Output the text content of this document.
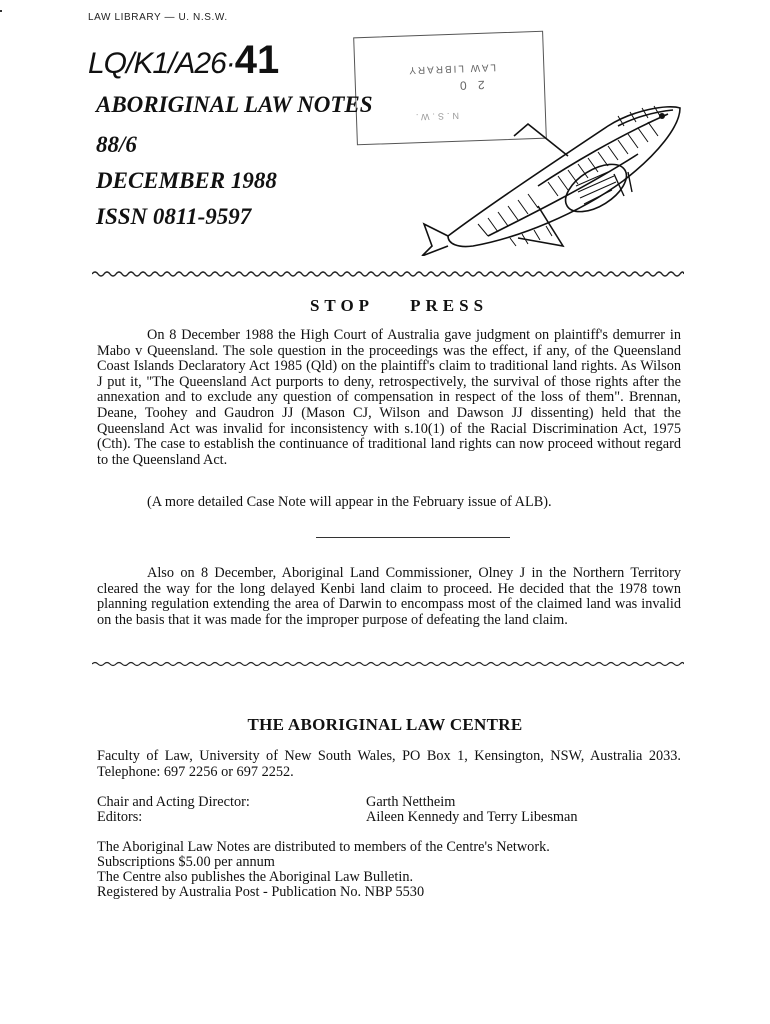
LAW LIBRARY — U. N.S.W.
LQ/K1/A26·41	LAW LIBRARY
2 0
N.S.W.
ABORIGINAL LAW NOTES
88/6
DECEMBER 1988
ISSN 0811-9597
STOP    PRESS

On 8 December 1988 the High Court of Australia gave judgment on plaintiff's demurrer in Mabo v Queensland. The sole question in the proceedings was the effect, if any, of the Queensland Coast Islands Declaratory Act 1985 (Qld) on the plaintiff's claim to traditional land rights. As Wilson J put it, "The Queensland Act purports to deny, retrospectively, the survival of those rights after the annexation and to exclude any question of compensation in respect of the loss of them". Brennan, Deane, Toohey and Gaudron JJ (Mason CJ, Wilson and Dawson JJ dissenting) held that the Queensland Act was invalid for inconsistency with s.10(1) of the Racial Discrimination Act, 1975 (Cth). The case to establish the continuance of traditional land rights can now proceed without regard to the Queensland Act.

(A more detailed Case Note will appear in the February issue of ALB).

Also on 8 December, Aboriginal Land Commissioner, Olney J in the Northern Territory cleared the way for the long delayed Kenbi land claim to proceed. He decided that the 1978 town planning regulation extending the area of Darwin to encompass most of the claimed land was invalid on the basis that it was made for the improper purpose of defeating the land claim.

THE ABORIGINAL LAW CENTRE

Faculty of Law, University of New South Wales, PO Box 1, Kensington, NSW, Australia 2033. Telephone: 697 2256 or 697 2252.

Chair and Acting Director:	Garth Nettheim
Editors:	Aileen Kennedy and Terry Libesman
The Aboriginal Law Notes are distributed to members of the Centre's Network.
Subscriptions $5.00 per annum
The Centre also publishes the Aboriginal Law Bulletin.
Registered by Australia Post - Publication No. NBP 5530
